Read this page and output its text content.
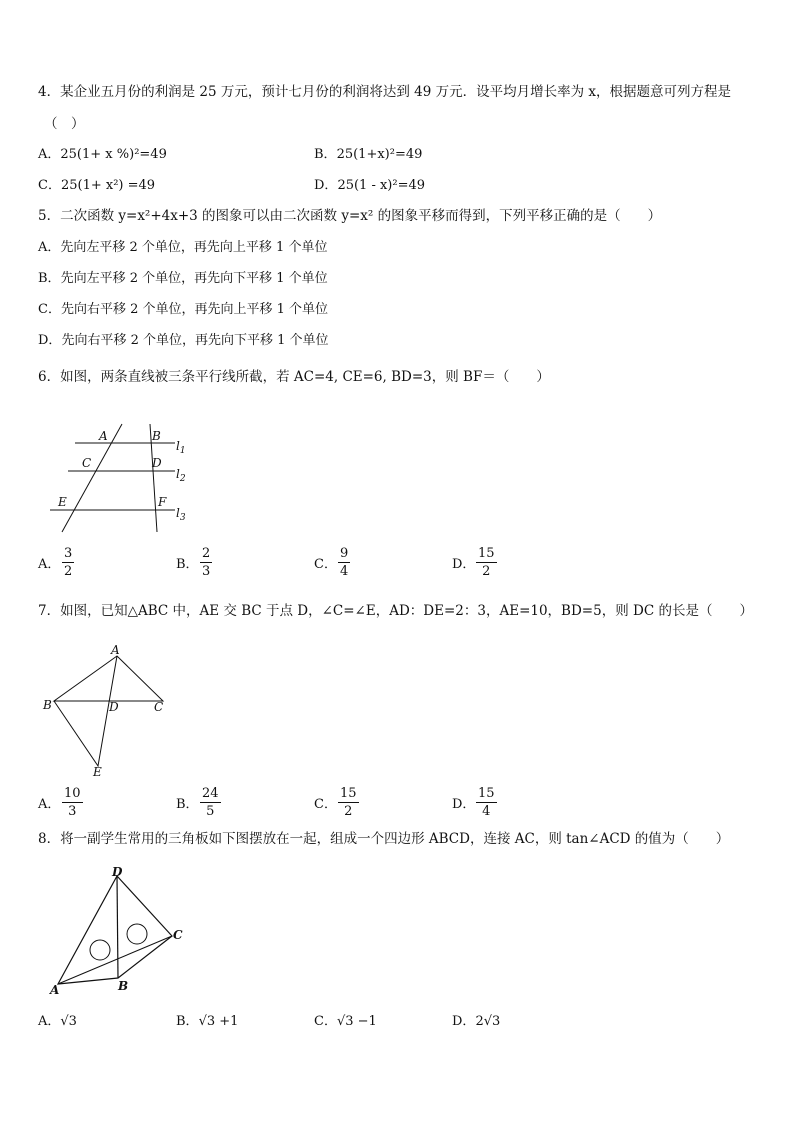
4．某企业五月份的利润是 25 万元，预计七月份的利润将达到 49 万元．设平均月增长率为 x，根据题意可列方程是
（　）
A．25(1+ x %)²=49	B．25(1+x)²=49
C．25(1+ x²) =49	D．25(1 - x)²=49
5．二次函数 y=x²+4x+3 的图象可以由二次函数 y=x² 的图象平移而得到，下列平移正确的是（　　）
A．先向左平移 2 个单位，再先向上平移 1 个单位
B．先向左平移 2 个单位，再先向下平移 1 个单位
C．先向右平移 2 个单位，再先向上平移 1 个单位
D．先向右平移 2 个单位，再先向下平移 1 个单位
6．如图，两条直线被三条平行线所截，若 AC=4, CE=6, BD=3，则 BF＝（　　）
A	B
C	D
E	F
$l_1$
$l_2$
$l_3$
A．
3
2	B．
2
3	C．
9
4	D．
15
2
7．如图，已知△ABC 中，AE 交 BC 于点 D，∠C=∠E，AD：DE=2：3，AE=10，BD=5，则 DC 的长是（　　）
A
B	D	C
E
A．
10
3	B．
24
5	C．
15
2	D．
15
4
8．将一副学生常用的三角板如下图摆放在一起，组成一个四边形 ABCD，连接 AC，则 tan∠ACD 的值为（　　）
D
A	B
C
A．√3	B．√3 +1	C．√3 −1	D．2√3
